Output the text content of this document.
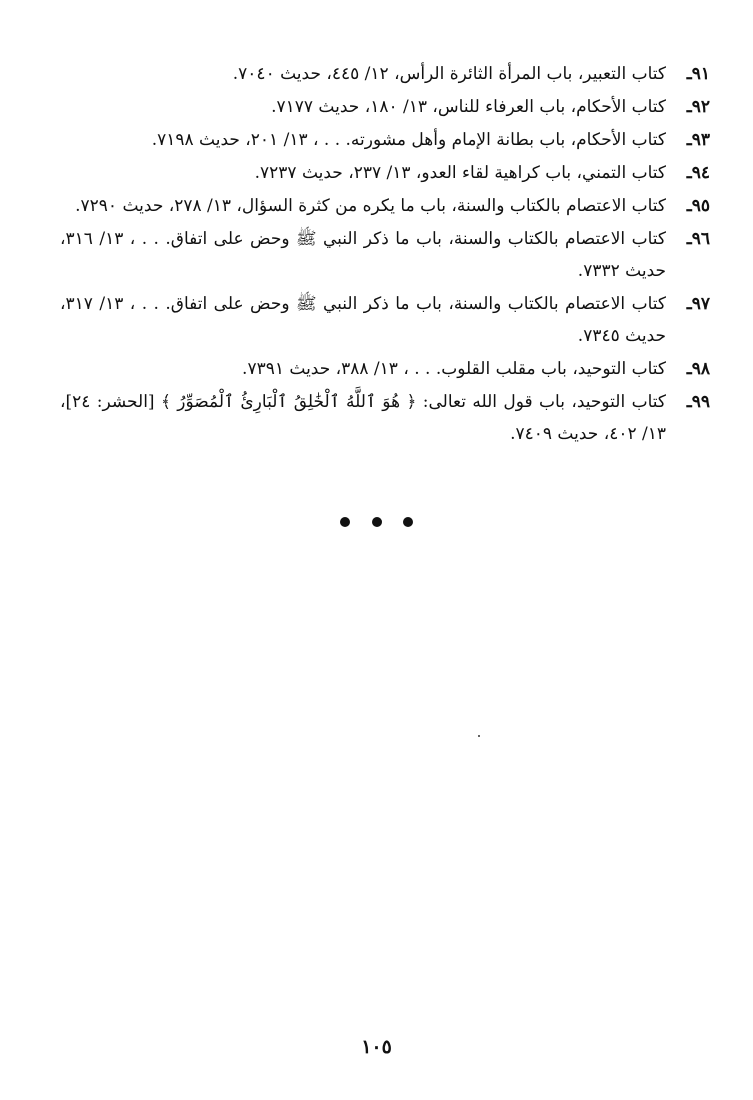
٩١ـ
كتاب التعبير، باب المرأة الثائرة الرأس، ١٢/ ٤٤٥، حديث ٧٠٤٠.
٩٢ـ
كتاب الأحكام، باب العرفاء للناس، ١٣/ ١٨٠، حديث ٧١٧٧.
٩٣ـ
كتاب الأحكام، باب بطانة الإمام وأهل مشورته. . . ، ١٣/ ٢٠١، حديث ٧١٩٨.
٩٤ـ
كتاب التمني، باب كراهية لقاء العدو، ١٣/ ٢٣٧، حديث ٧٢٣٧.
٩٥ـ
كتاب الاعتصام بالكتاب والسنة، باب ما يكره من كثرة السؤال، ١٣/ ٢٧٨، حديث ٧٢٩٠.
٩٦ـ
كتاب الاعتصام بالكتاب والسنة، باب ما ذكر النبي ﷺ وحض على اتفاق. . . ، ١٣/ ٣١٦، حديث ٧٣٣٢.
٩٧ـ
كتاب الاعتصام بالكتاب والسنة، باب ما ذكر النبي ﷺ وحض على اتفاق. . . ، ١٣/ ٣١٧، حديث ٧٣٤٥.
٩٨ـ
كتاب التوحيد، باب مقلب القلوب. . . ، ١٣/ ٣٨٨، حديث ٧٣٩١.
٩٩ـ
كتاب التوحيد، باب قول الله تعالى: ﴿ هُوَ ٱللَّهُ ٱلْخَٰلِقُ ٱلْبَارِئُ ٱلْمُصَوِّرُ ﴾ [الحشر: ٢٤]، ١٣/ ٤٠٢، حديث ٧٤٠٩.

١٠٥
